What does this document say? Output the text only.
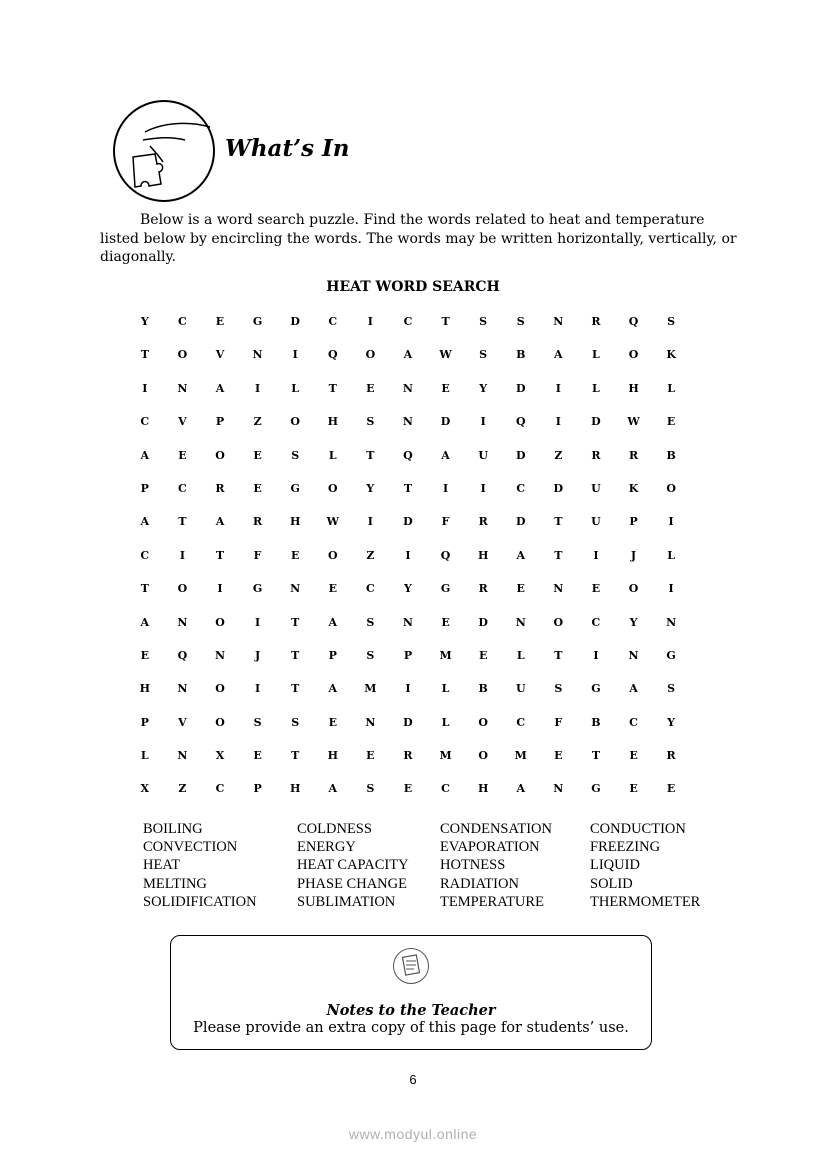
What’s In

Below is a word search puzzle. Find the words related to heat and temperature listed below by encircling the words. The words may be written horizontally, vertically, or diagonally.

HEAT WORD SEARCH
Y	C	E	G	D	C	I	C	T	S	S	N	R	Q	S
T	O	V	N	I	Q	O	A	W	S	B	A	L	O	K
I	N	A	I	L	T	E	N	E	Y	D	I	L	H	L
C	V	P	Z	O	H	S	N	D	I	Q	I	D	W	E
A	E	O	E	S	L	T	Q	A	U	D	Z	R	R	B
P	C	R	E	G	O	Y	T	I	I	C	D	U	K	O
A	T	A	R	H	W	I	D	F	R	D	T	U	P	I
C	I	T	F	E	O	Z	I	Q	H	A	T	I	J	L
T	O	I	G	N	E	C	Y	G	R	E	N	E	O	I
A	N	O	I	T	A	S	N	E	D	N	O	C	Y	N
E	Q	N	J	T	P	S	P	M	E	L	T	I	N	G
H	N	O	I	T	A	M	I	L	B	U	S	G	A	S
P	V	O	S	S	E	N	D	L	O	C	F	B	C	Y
L	N	X	E	T	H	E	R	M	O	M	E	T	E	R
X	Z	C	P	H	A	S	E	C	H	A	N	G	E	E
BOILING	COLDNESS	CONDENSATION	CONDUCTION
CONVECTION	ENERGY	EVAPORATION	FREEZING
HEAT	HEAT CAPACITY	HOTNESS	LIQUID
MELTING	PHASE CHANGE	RADIATION	SOLID
SOLIDIFICATION	SUBLIMATION	TEMPERATURE	THERMOMETER
Notes to the Teacher
Please provide an extra copy of this page for students’ use.
6
www.modyul.online
